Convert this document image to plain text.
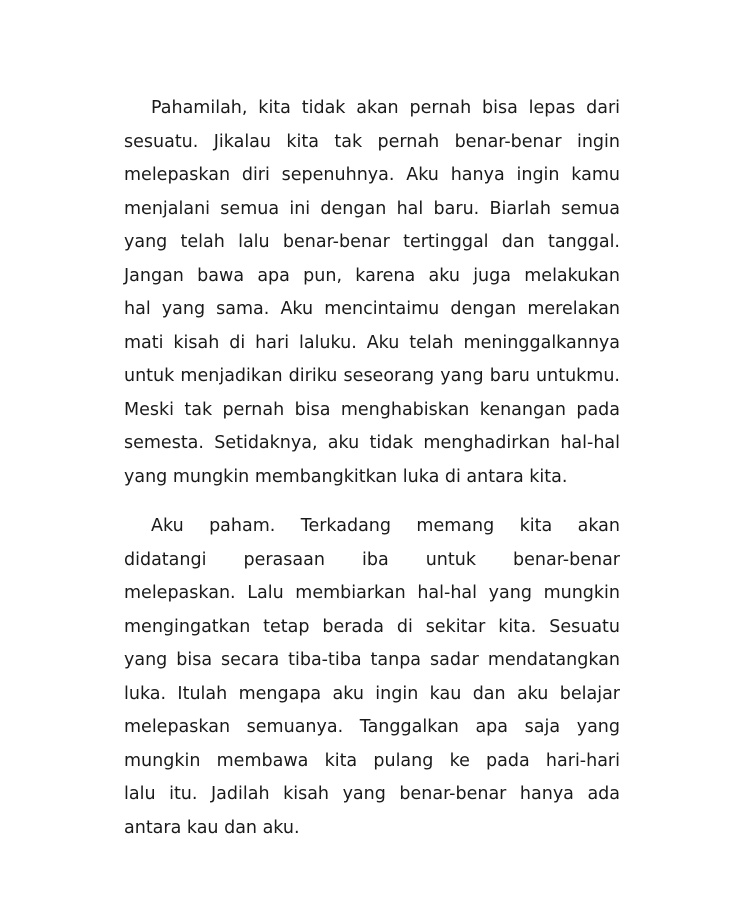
Pahamilah, kita tidak akan pernah bisa lepas dari
sesuatu. Jikalau kita tak pernah benar-benar ingin
melepaskan diri sepenuhnya. Aku hanya ingin kamu
menjalani semua ini dengan hal baru. Biarlah semua
yang telah lalu benar-benar tertinggal dan tanggal.
Jangan bawa apa pun, karena aku juga melakukan
hal yang sama. Aku mencintaimu dengan merelakan
mati kisah di hari laluku. Aku telah meninggalkannya
untuk menjadikan diriku seseorang yang baru untukmu.
Meski tak pernah bisa menghabiskan kenangan pada
semesta. Setidaknya, aku tidak menghadirkan hal-hal
yang mungkin membangkitkan luka di antara kita.
Aku paham. Terkadang memang kita akan
didatangi perasaan iba untuk benar-benar
melepaskan. Lalu membiarkan hal-hal yang mungkin
mengingatkan tetap berada di sekitar kita. Sesuatu
yang bisa secara tiba-tiba tanpa sadar mendatangkan
luka. Itulah mengapa aku ingin kau dan aku belajar
melepaskan semuanya. Tanggalkan apa saja yang
mungkin membawa kita pulang ke pada hari-hari
lalu itu. Jadilah kisah yang benar-benar hanya ada
antara kau dan aku.
